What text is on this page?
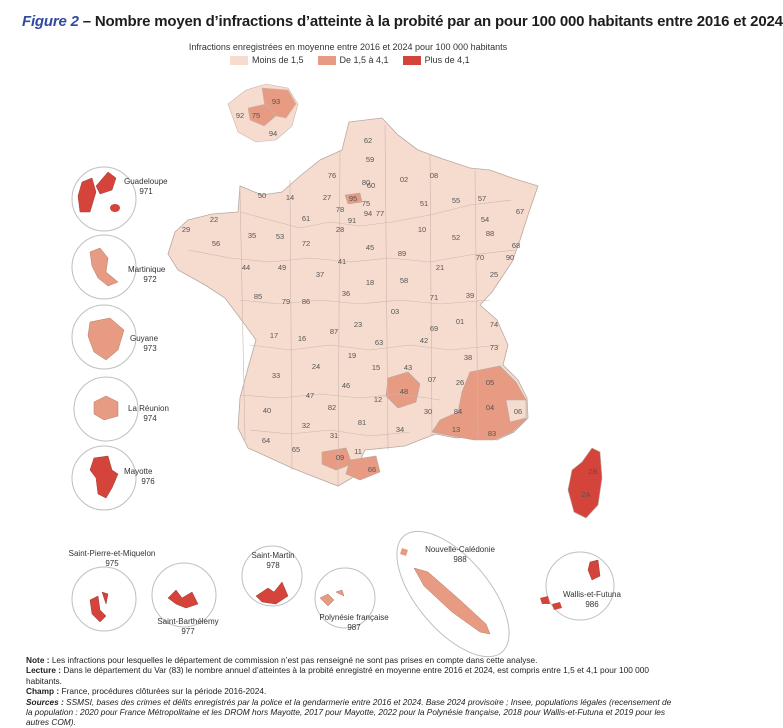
Figure 2 – Nombre moyen d’infractions d’atteinte à la probité par an pour 100 000 habitants entre 2016 et 2024
Infractions enregistrées en moyenne entre 2016 et 2024 pour 100 000 habitants
Moins de 1,5	De 1,5 à 4,1	Plus de 4,1
62
59
80	02	08
76
60
27 95
50	14
61
78
75
94 77
91
51	55 57
67
54
88
68
22
29
56
35	53
72
28
45
10
52
89	70	90
44	49
37
41
18	58
21
25
39
71
85
79 86
36
03
01	74
17	16
87
23
63	42
69
73
38
19
15	43
33
24
46
07	26	05
47
82
12
48
30	84	04	06
40
32	81
34	13	83
64
65
31
09
11
66	2B
2A
92 75
93
94
Guadeloupe
971
Martinique
972
Guyane
973
La Réunion
974
Mayotte
976
Saint-Pierre-et-Miquelon
975
Saint-Barthélemy
977
Saint-Martin
978
Polynésie française
987
Nouvelle-Calédonie
988
Wallis-et-Futuna
986

Note : Les infractions pour lesquelles le département de commission n’est pas renseigné ne sont pas prises en compte dans cette analyse.

Lecture : Dans le département du Var (83) le nombre annuel d’atteintes à la probité enregistré en moyenne entre 2016 et 2024, est compris entre 1,5 et 4,1 pour 100 000 habitants.

Champ : France, procédures clôturées sur la période 2016-2024.

Sources : SSMSI, bases des crimes et délits enregistrés par la police et la gendarmerie entre 2016 et 2024. Base 2024 provisoire ; Insee, populations légales (recensement de la population : 2020 pour France Métropolitaine et les DROM hors Mayotte, 2017 pour Mayotte, 2022 pour la Polynésie française, 2018 pour Wallis-et-Futuna et 2019 pour les autres COM).
